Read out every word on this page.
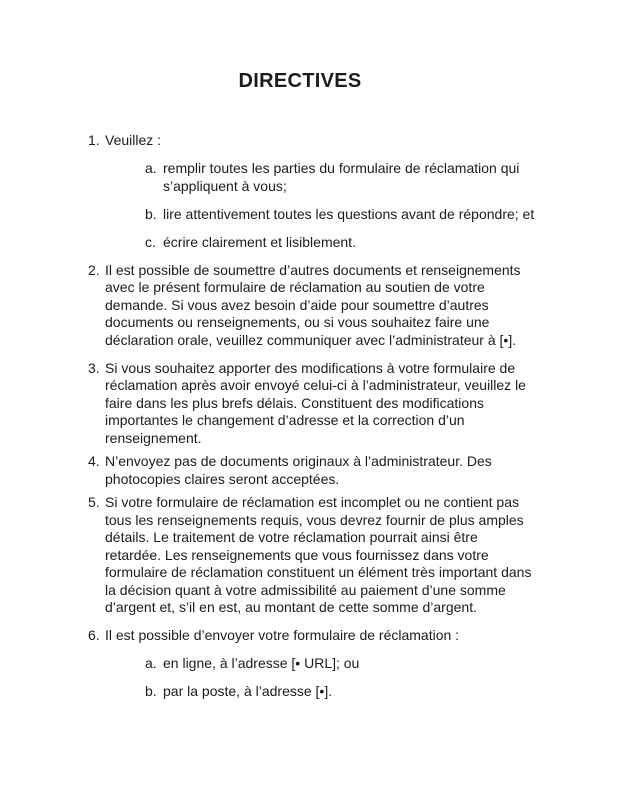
DIRECTIVES
1. Veuillez :
a. remplir toutes les parties du formulaire de réclamation qui
s’appliquent à vous;
b. lire attentivement toutes les questions avant de répondre; et
c. écrire clairement et lisiblement.
2. Il est possible de soumettre d’autres documents et renseignements
avec le présent formulaire de réclamation au soutien de votre
demande. Si vous avez besoin d’aide pour soumettre d’autres
documents ou renseignements, ou si vous souhaitez faire une
déclaration orale, veuillez communiquer avec l’administrateur à [•].
3. Si vous souhaitez apporter des modifications à votre formulaire de
réclamation après avoir envoyé celui-ci à l’administrateur, veuillez le
faire dans les plus brefs délais. Constituent des modifications
importantes le changement d’adresse et la correction d’un
renseignement.
4. N’envoyez pas de documents originaux à l’administrateur. Des
photocopies claires seront acceptées.
5. Si votre formulaire de réclamation est incomplet ou ne contient pas
tous les renseignements requis, vous devrez fournir de plus amples
détails. Le traitement de votre réclamation pourrait ainsi être
retardée. Les renseignements que vous fournissez dans votre
formulaire de réclamation constituent un élément très important dans
la décision quant à votre admissibilité au paiement d’une somme
d’argent et, s’il en est, au montant de cette somme d’argent.
6. Il est possible d’envoyer votre formulaire de réclamation :
a. en ligne, à l’adresse [• URL]; ou
b. par la poste, à l’adresse [•].
